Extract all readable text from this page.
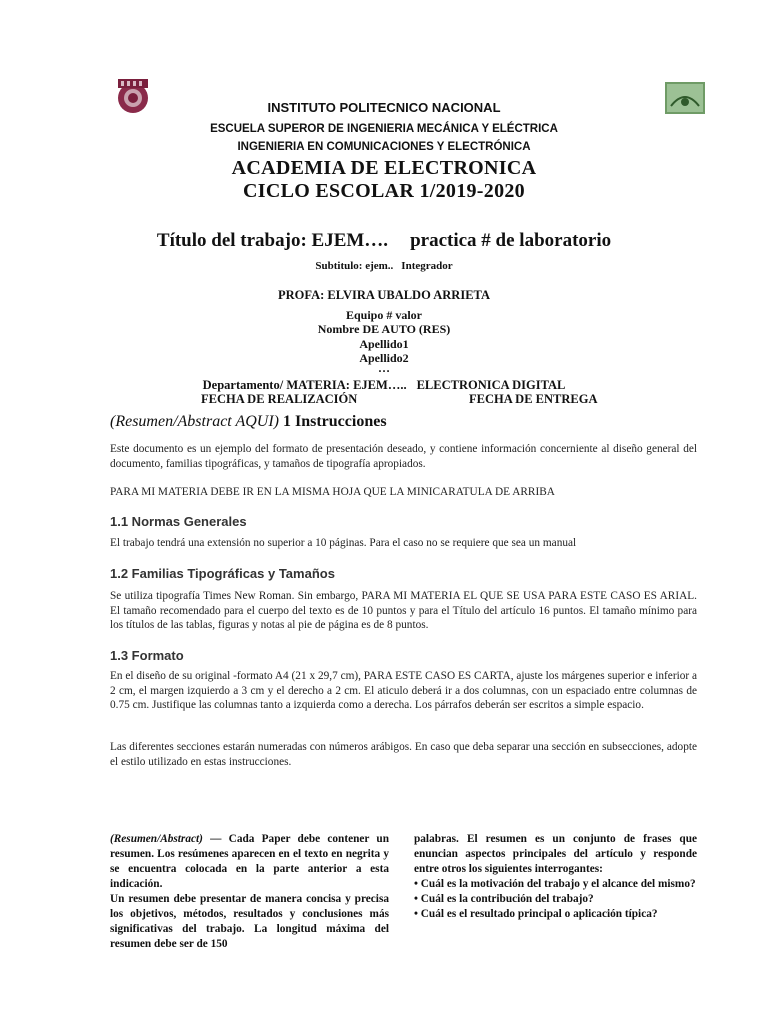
INSTITUTO POLITECNICO NACIONAL
ESCUELA SUPEROR DE INGENIERIA MECÁNICA Y ELÉCTRICA
INGENIERIA EN COMUNICACIONES Y ELECTRÓNICA
ACADEMIA DE ELECTRONICA
CICLO ESCOLAR 1/2019-2020
Título del trabajo: EJEM…. practica # de laboratorio
Subtitulo: ejem.. Integrador
PROFA: ELVIRA UBALDO ARRIETA
Equipo # valor
Nombre DE AUTO (RES)
Apellido1
Apellido2
…
Departamento/ MATERIA: EJEM….. ELECTRONICA DIGITAL
FECHA DE REALIZACIÓN	FECHA DE ENTREGA
(Resumen/Abstract AQUI) 1 Instrucciones
Este documento es un ejemplo del formato de presentación deseado, y contiene información concerniente al diseño general del documento, familias tipográficas, y tamaños de tipografía apropiados.
PARA MI MATERIA DEBE IR EN LA MISMA HOJA QUE LA MINICARATULA DE ARRIBA
1.1 Normas Generales
El trabajo tendrá una extensión no superior a 10 páginas. Para el caso no se requiere que sea un manual
1.2 Familias Tipográficas y Tamaños
Se utiliza tipografía Times New Roman. Sin embargo, PARA MI MATERIA EL QUE SE USA PARA ESTE CASO ES ARIAL. El tamaño recomendado para el cuerpo del texto es de 10 puntos y para el Título del artículo 16 puntos. El tamaño mínimo para los títulos de las tablas, figuras y notas al pie de página es de 8 puntos.
1.3 Formato
En el diseño de su original -formato A4 (21 x 29,7 cm), PARA ESTE CASO ES CARTA, ajuste los márgenes superior e inferior a 2 cm, el margen izquierdo a 3 cm y el derecho a 2 cm. El aticulo deberá ir a dos columnas, con un espaciado entre columnas de 0.75 cm. Justifique las columnas tanto a izquierda como a derecha. Los párrafos deberán ser escritos a simple espacio.
Las diferentes secciones estarán numeradas con números arábigos. En caso que deba separar una sección en subsecciones, adopte el estilo utilizado en estas instrucciones.
(Resumen/Abstract) — Cada Paper debe contener un resumen. Los resúmenes aparecen en el texto en negrita y se encuentra colocada en la parte anterior a esta indicación.
Un resumen debe presentar de manera concisa y precisa los objetivos, métodos, resultados y conclusiones más significativas del trabajo. La longitud máxima del resumen debe ser de 150
palabras. El resumen es un conjunto de frases que enuncian aspectos principales del artículo y responde entre otros los siguientes interrogantes:
• Cuál es la motivación del trabajo y el alcance del mismo?
• Cuál es la contribución del trabajo?
• Cuál es el resultado principal o aplicación típica?
